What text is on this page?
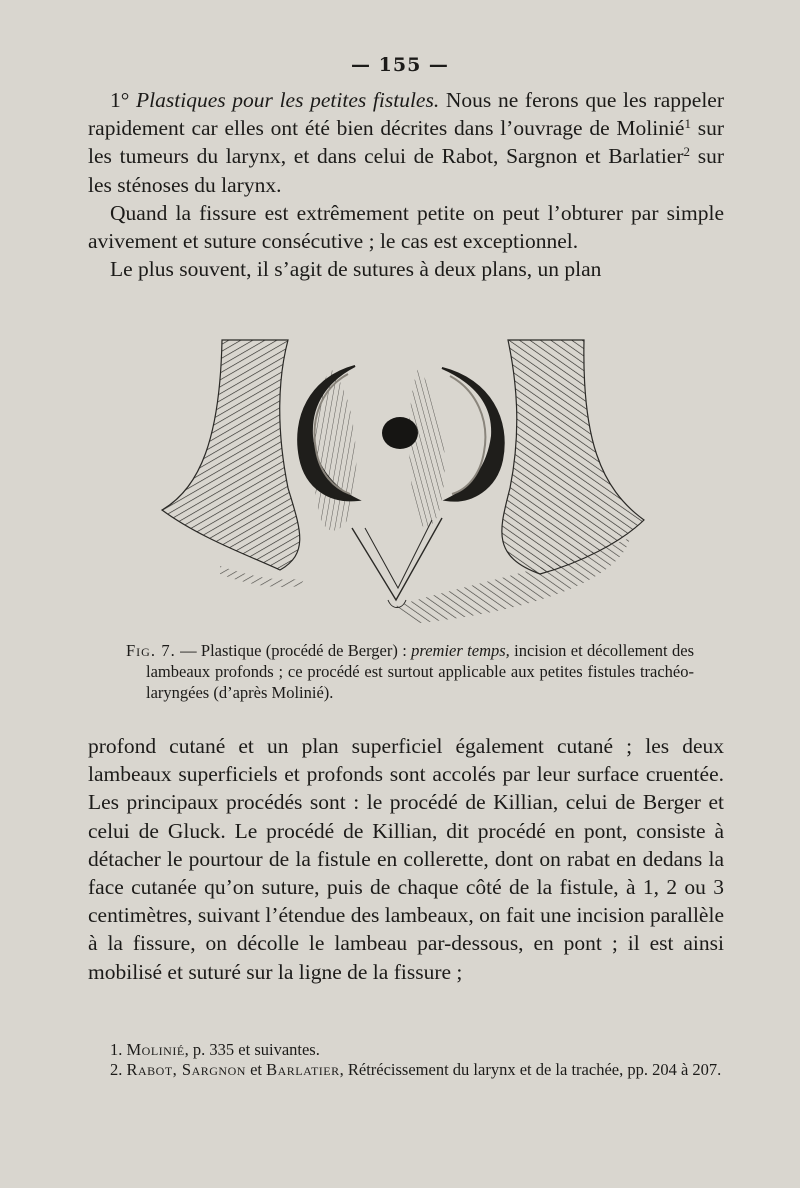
— 155 —

1° Plastiques pour les petites fistules. Nous ne ferons que les rappeler rapidement car elles ont été bien décrites dans l’ouvrage de Molinié$^1$ sur les tumeurs du larynx, et dans celui de Rabot, Sargnon et Barlatier$^2$ sur les sténoses du larynx.

Quand la fissure est extrêmement petite on peut l’obturer par simple avivement et suture consécutive ; le cas est exceptionnel.

Le plus souvent, il s’agit de sutures à deux plans, un plan

Fig. 7. — Plastique (procédé de Berger) : premier temps, incision et décollement des lambeaux profonds ; ce procédé est surtout applicable aux petites fistules trachéo-laryngées (d’après Molinié).

profond cutané et un plan superficiel également cutané ; les deux lambeaux superficiels et profonds sont accolés par leur surface cruentée. Les principaux procédés sont : le procédé de Killian, celui de Berger et celui de Gluck. Le procédé de Killian, dit procédé en pont, consiste à détacher le pourtour de la fistule en collerette, dont on rabat en dedans la face cutanée qu’on suture, puis de chaque côté de la fistule, à 1, 2 ou 3 centimètres, suivant l’étendue des lambeaux, on fait une incision parallèle à la fissure, on décolle le lambeau par-dessous, en pont ; il est ainsi mobilisé et suturé sur la ligne de la fissure ;

1. Molinié, p. 335 et suivantes.

2. Rabot, Sargnon et Barlatier, Rétrécissement du larynx et de la trachée, pp. 204 à 207.
